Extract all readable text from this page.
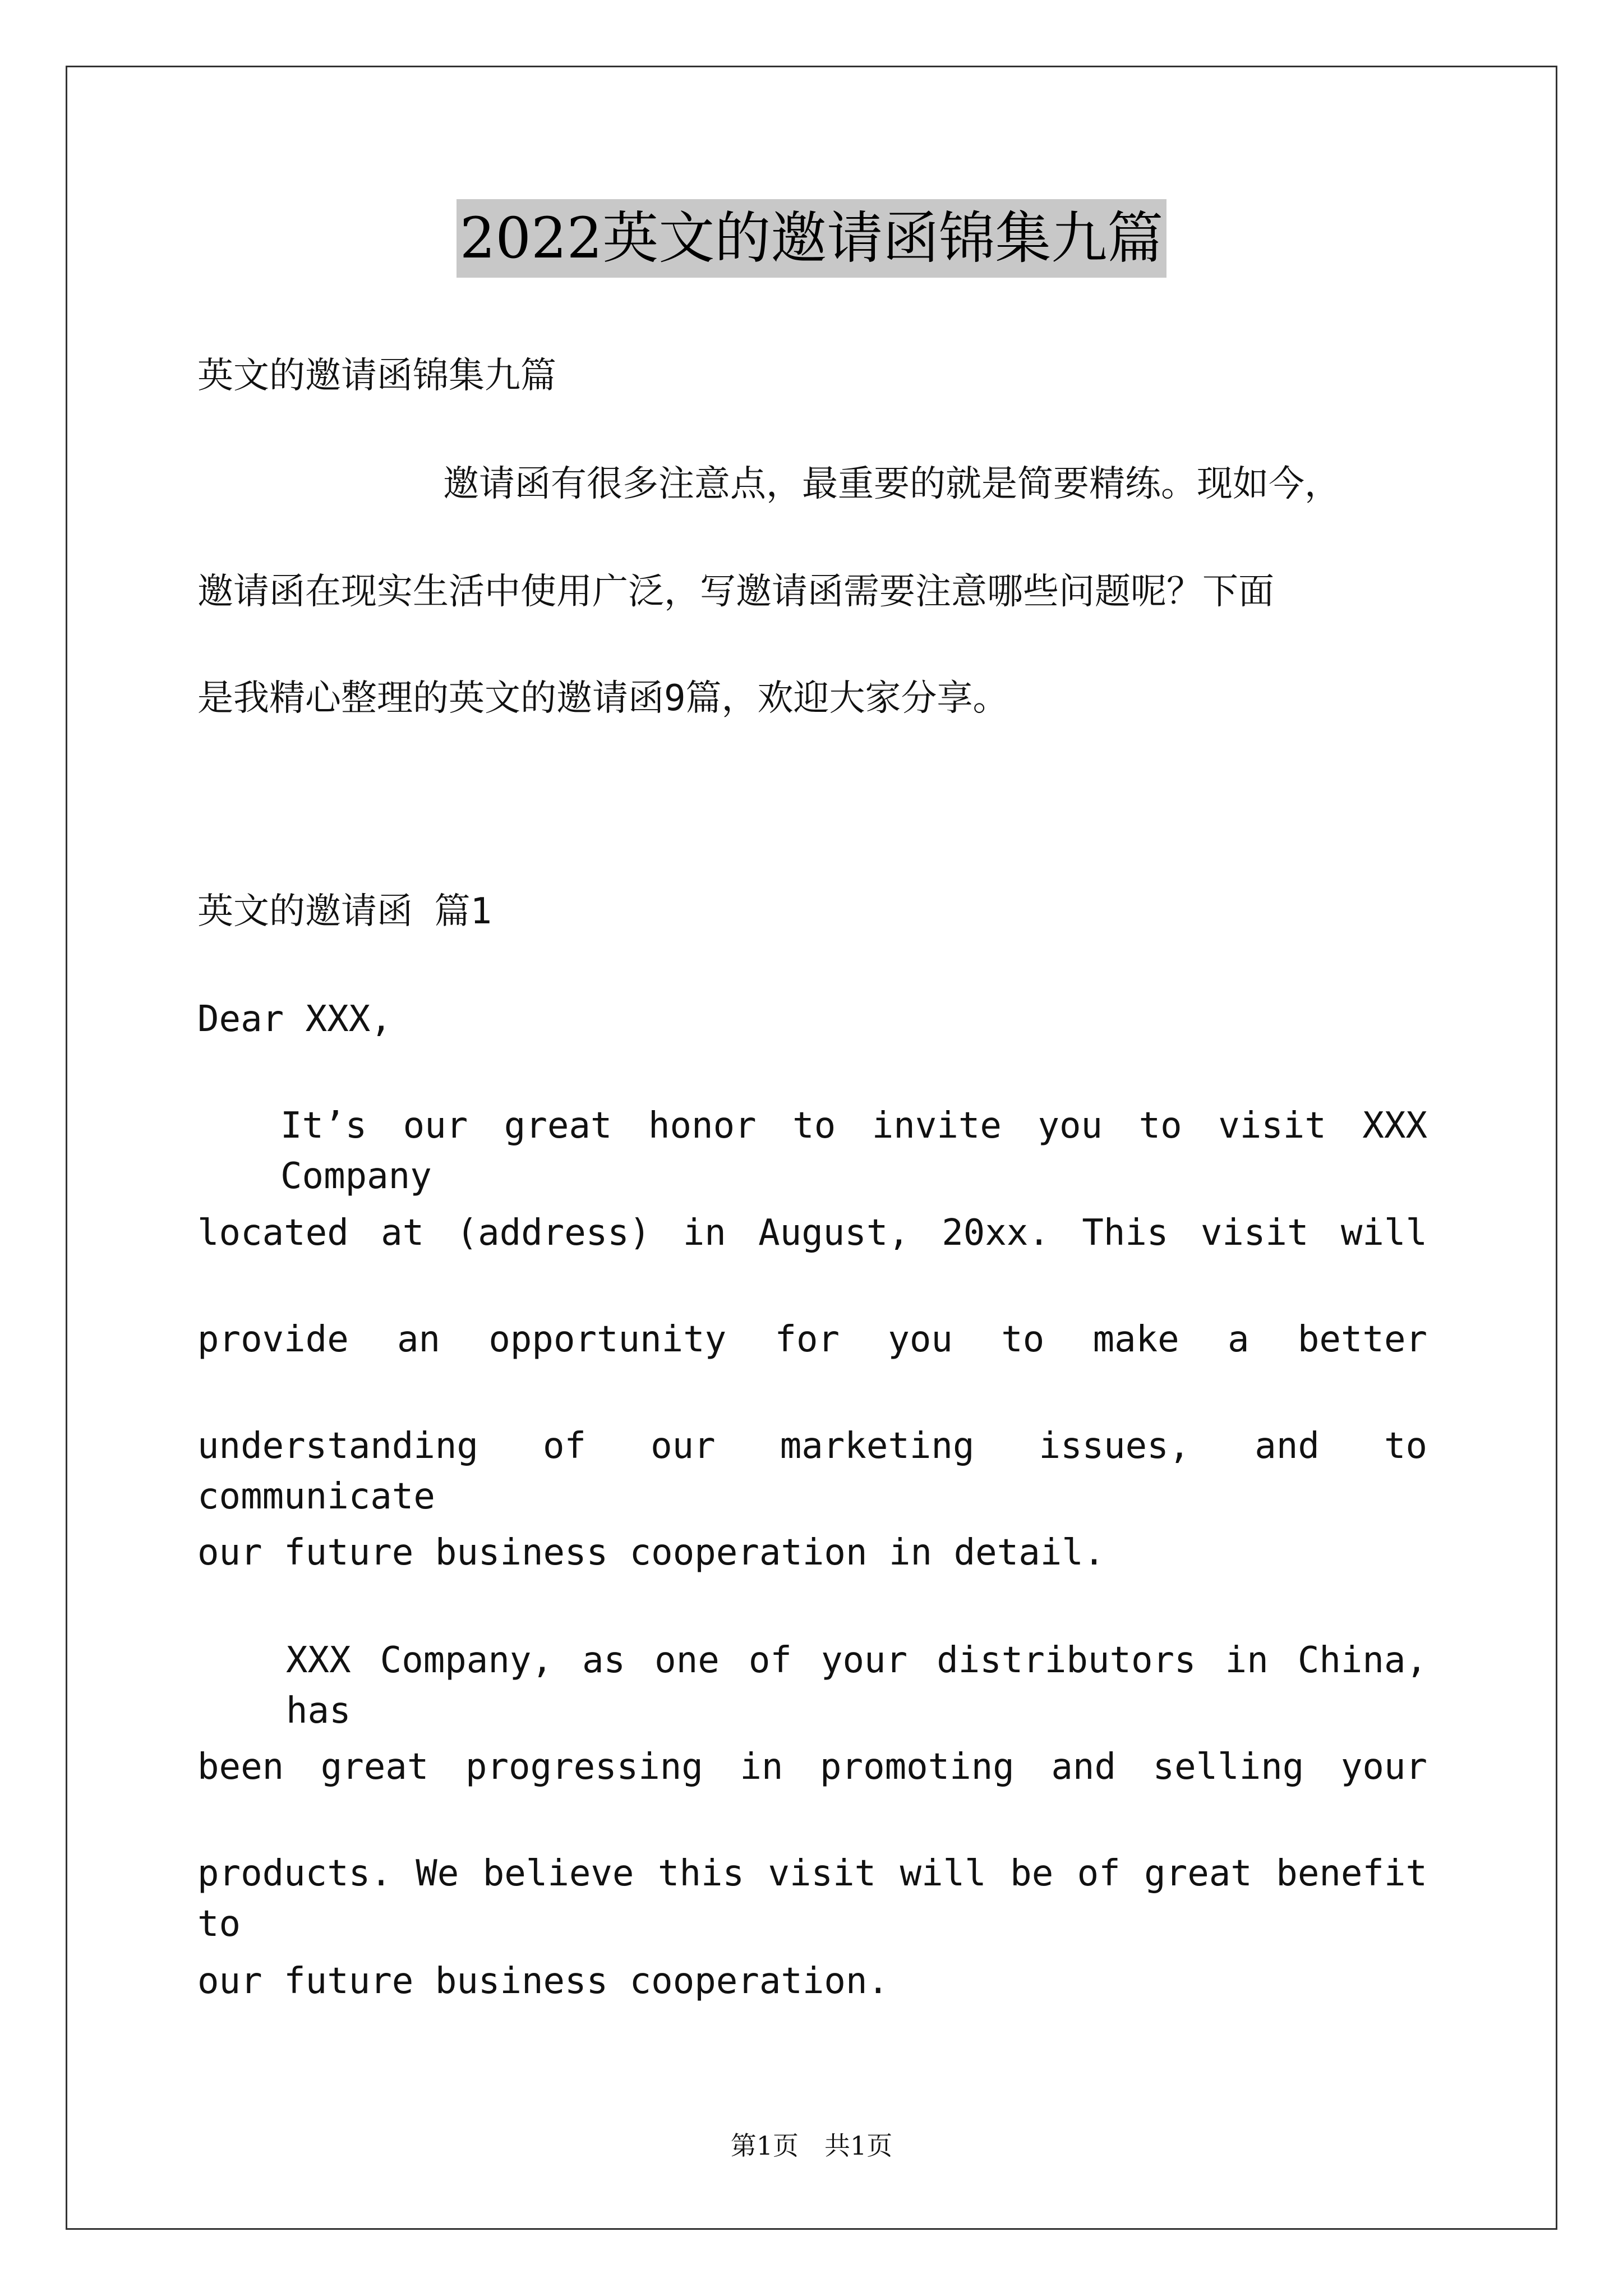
2022英文的邀请函锦集九篇
英文的邀请函锦集九篇
邀请函有很多注意点，最重要的就是简要精练。现如今，
邀请函在现实生活中使用广泛，写邀请函需要注意哪些问题呢？下面
是我精心整理的英文的邀请函9篇，欢迎大家分享。
英文的邀请函 篇1
Dear XXX,
It’s our great honor to invite you to visit XXX Company
located at (address) in August, 20xx. This visit will
provide an opportunity for you to make a better
understanding of our marketing issues, and to communicate
our future business cooperation in detail.
XXX Company, as one of your distributors in China, has
been great progressing in promoting and selling your
products. We believe this visit will be of great benefit to
our future business cooperation.
第1页　共1页
